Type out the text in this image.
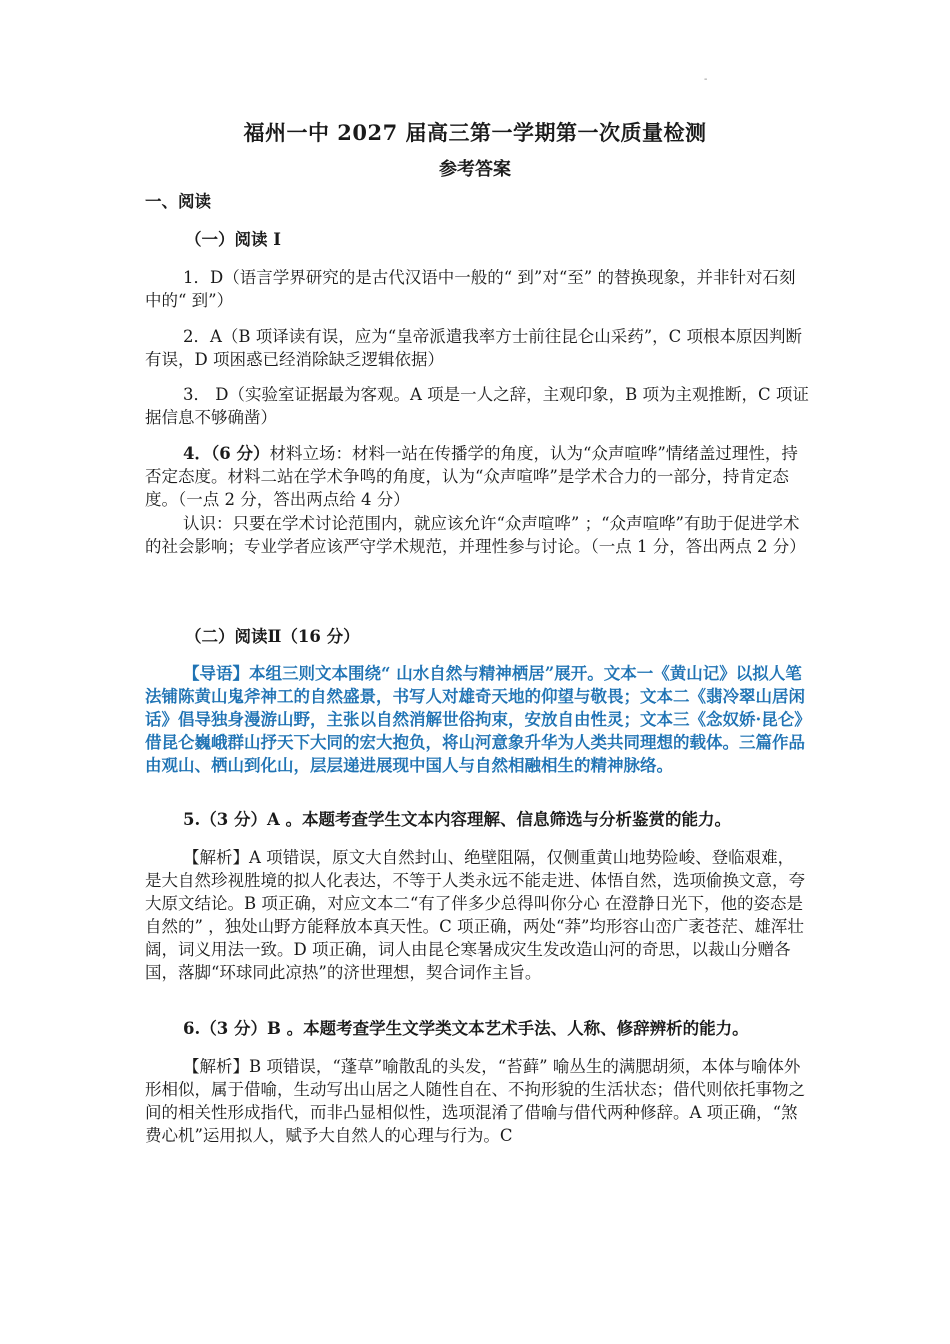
-
福州一中 2027 届高三第一学期第一次质量检测
参考答案
一、阅读
（一）阅读 Ⅰ
1．D（语言学界研究的是古代汉语中一般的“ 到”对“至” 的替换现象，并非针对石刻中的“ 到”）
2．A（B 项译读有误，应为“皇帝派遣我率方士前往昆仑山采药”，C 项根本原因判断有误，D 项困惑已经消除缺乏逻辑依据）
3． D（实验室证据最为客观。A 项是一人之辞，主观印象，B 项为主观推断，C 项证据信息不够确凿）
4．（6 分）材料立场：材料一站在传播学的角度，认为“众声喧哗”情绪盖过理性，持否定态度。材料二站在学术争鸣的角度，认为“众声喧哗”是学术合力的一部分，持肯定态度。（一点 2 分，答出两点给 4 分）
认识：只要在学术讨论范围内，就应该允许“众声喧哗” ；“众声喧哗”有助于促进学术的社会影响；专业学者应该严守学术规范，并理性参与讨论。（一点 1 分，答出两点 2 分）
（二）阅读Ⅱ（16 分）
【导语】本组三则文本围绕“ 山水自然与精神栖居”展开。文本一《黄山记》以拟人笔法铺陈黄山鬼斧神工的自然盛景，书写人对雄奇天地的仰望与敬畏；文本二《翡冷翠山居闲话》倡导独身漫游山野，主张以自然消解世俗拘束，安放自由性灵；文本三《念奴娇·昆仑》借昆仑巍峨群山抒天下大同的宏大抱负，将山河意象升华为人类共同理想的载体。三篇作品由观山、栖山到化山，层层递进展现中国人与自然相融相生的精神脉络。
5.（3 分）A 。本题考查学生文本内容理解、信息筛选与分析鉴赏的能力。
【解析】A 项错误，原文大自然封山、绝壁阻隔，仅侧重黄山地势险峻、登临艰难，是大自然珍视胜境的拟人化表达，不等于人类永远不能走进、体悟自然，选项偷换文意，夸大原文结论。B 项正确，对应文本二“有了伴多少总得叫你分心 在澄静日光下，他的姿态是自然的” ，独处山野方能释放本真天性。C 项正确，两处“莽”均形容山峦广袤苍茫、雄浑壮阔，词义用法一致。D 项正确，词人由昆仑寒暑成灾生发改造山河的奇思，以裁山分赠各国，落脚“环球同此凉热”的济世理想，契合词作主旨。
6.（3 分）B 。本题考查学生文学类文本艺术手法、人称、修辞辨析的能力。
【解析】B 项错误，“蓬草”喻散乱的头发，“苔藓” 喻丛生的满腮胡须，本体与喻体外形相似，属于借喻，生动写出山居之人随性自在、不拘形貌的生活状态；借代则依托事物之间的相关性形成指代，而非凸显相似性，选项混淆了借喻与借代两种修辞。A 项正确，“煞费心机”运用拟人，赋予大自然人的心理与行为。C
